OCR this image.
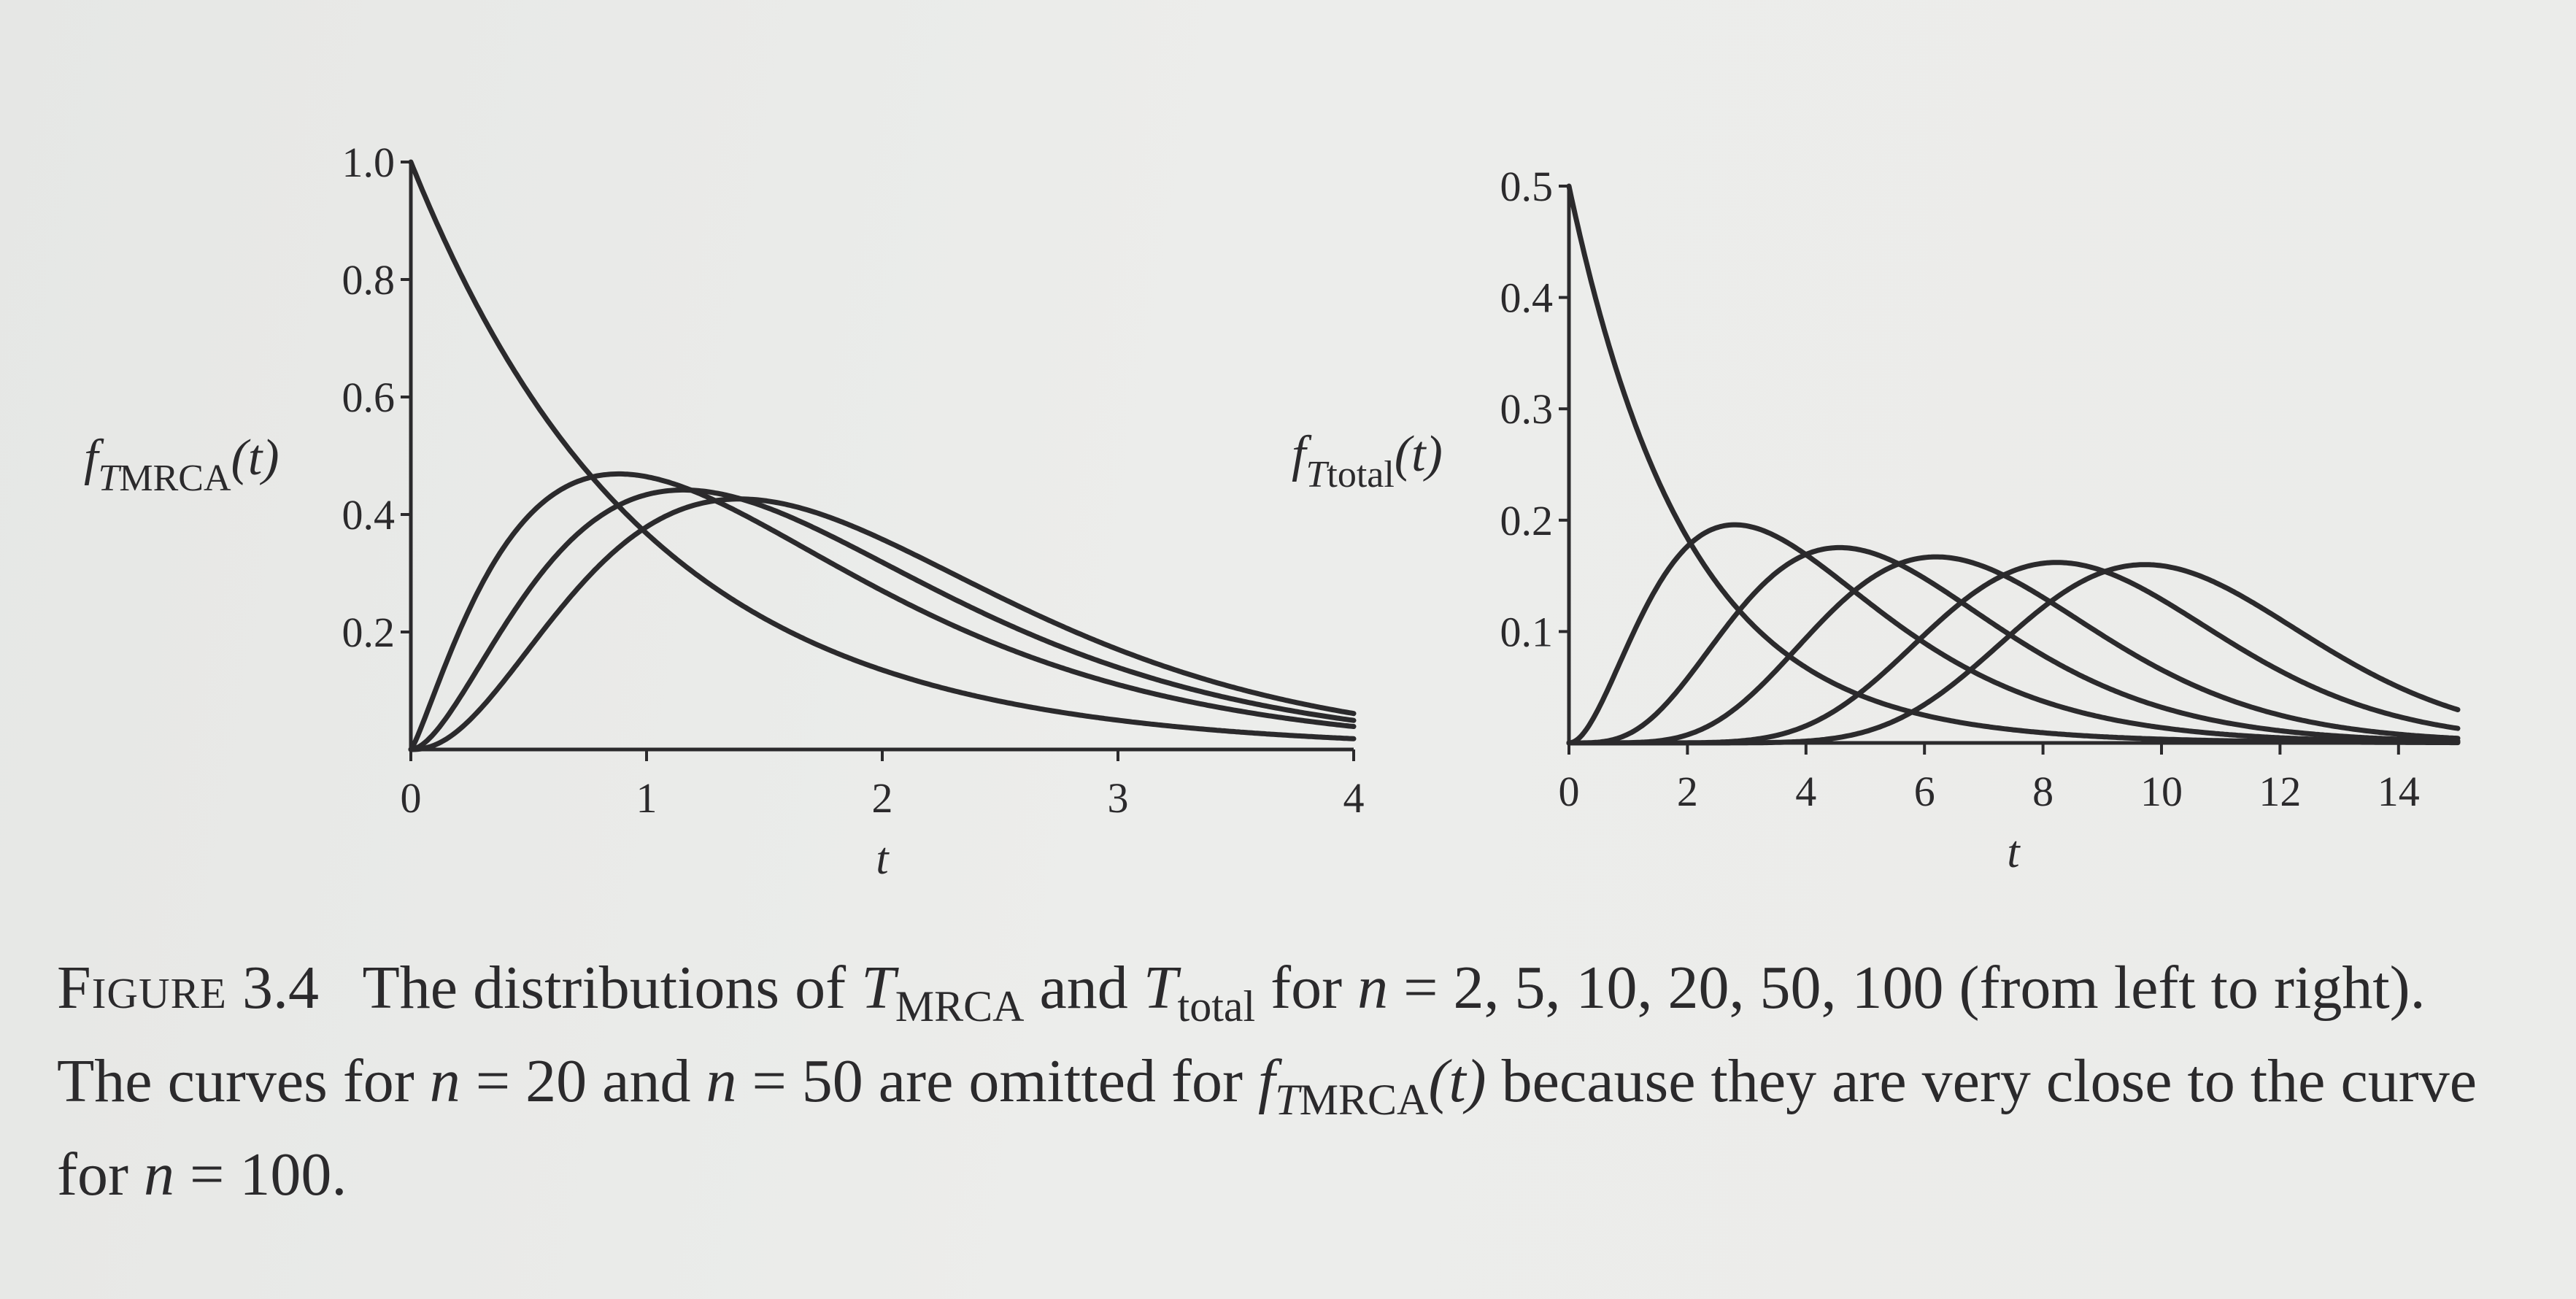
$f_TMRCA(t)$
0	1	2	3	4
0.2
0.4
0.6
0.8
1.0
t
$f_Ttotal(t)$
0 2 4 6 8 10 12 14
0.1
0.2
0.3
0.4
0.5
t

Figure 3.4 The distributions of $T_{MRCA}$ and $T_{total}$ for n = 2, 5, 10, 20, 50, 100 (from left to right). The curves for n = 20 and n = 50 are omitted for $f_{TMRCA}(t)$ because they are very close to the curve for n = 100.
